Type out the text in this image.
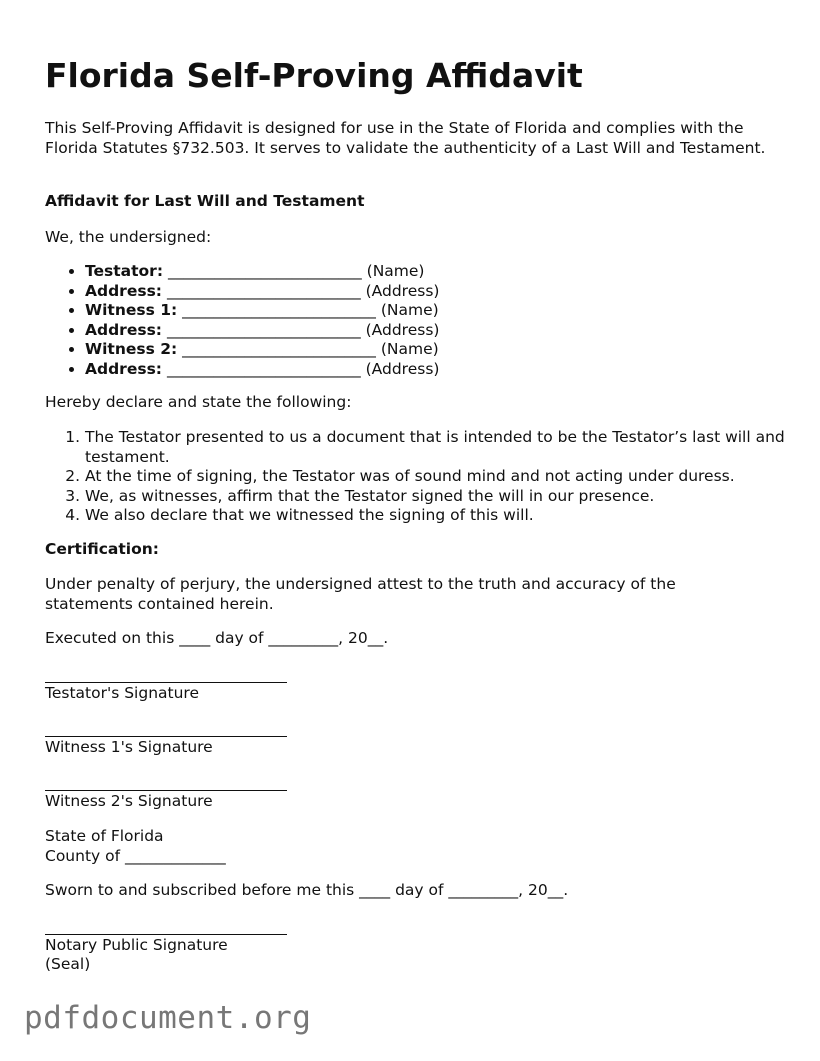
Florida Self-Proving Affidavit

This Self-Proving Affidavit is designed for use in the State of Florida and complies with the Florida Statutes §732.503. It serves to validate the authenticity of a Last Will and Testament.

Affidavit for Last Will and Testament

We, the undersigned:

• Testator: _________________________ (Name)
• Address: _________________________ (Address)
• Witness 1: _________________________ (Name)
• Address: _________________________ (Address)
• Witness 2: _________________________ (Name)
• Address: _________________________ (Address)

Hereby declare and state the following:

1. The Testator presented to us a document that is intended to be the Testator’s last will and testament.
2. At the time of signing, the Testator was of sound mind and not acting under duress.
3. We, as witnesses, affirm that the Testator signed the will in our presence.
4. We also declare that we witnessed the signing of this will.

Certification:

Under penalty of perjury, the undersigned attest to the truth and accuracy of the statements contained herein.

Executed on this ____ day of _________, 20__.

Testator's Signature

Witness 1's Signature

Witness 2's Signature

State of Florida

County of _____________

Sworn to and subscribed before me this ____ day of _________, 20__.

Notary Public Signature

(Seal)

pdfdocument.org
